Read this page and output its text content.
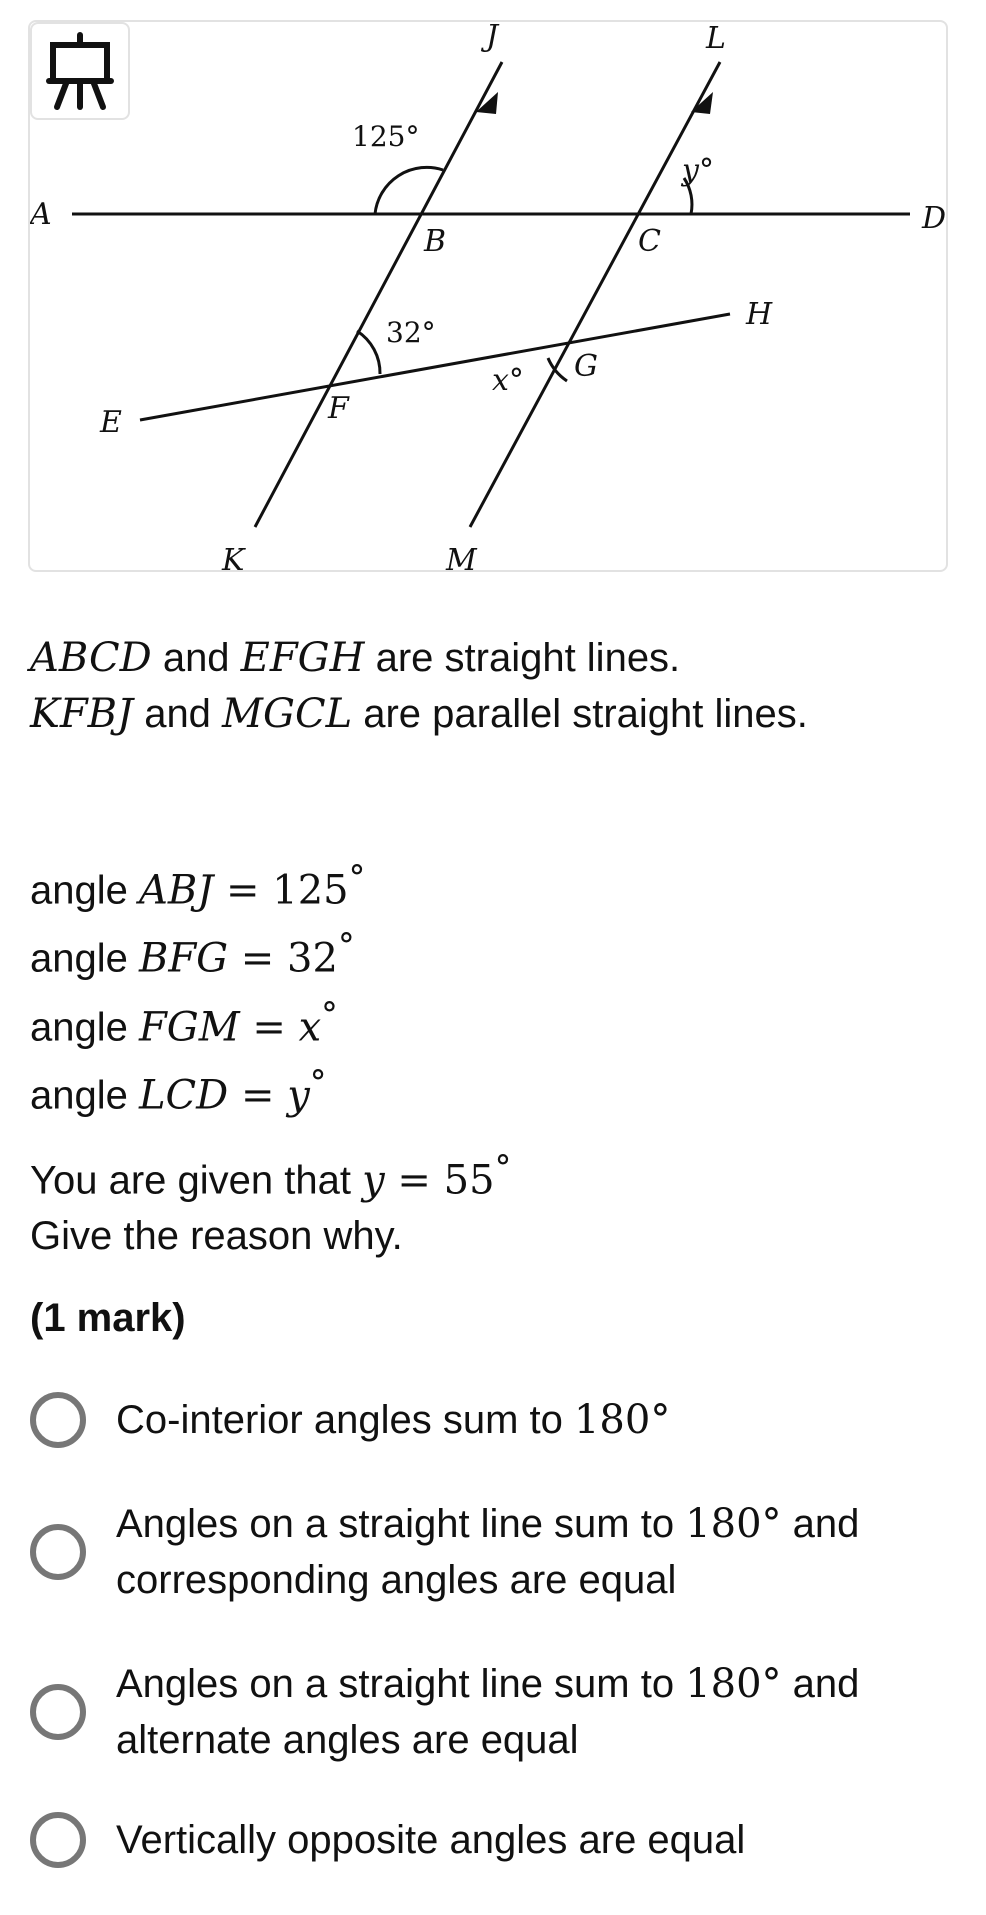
J	L
A
B	C
D
H
G
F
E
K	M
x°
y°
125°
32°
ABCD and EFGH are straight lines.
KFBJ and MGCL are parallel straight lines.
angle ABJ = 125°
angle BFG = 32°
angle FGM = x°
angle LCD = y°
You are given that y = 55°
Give the reason why.
(1 mark)
Co-interior angles sum to 180°
Angles on a straight line sum to 180° and corresponding angles are equal
Angles on a straight line sum to 180° and alternate angles are equal
Vertically opposite angles are equal
